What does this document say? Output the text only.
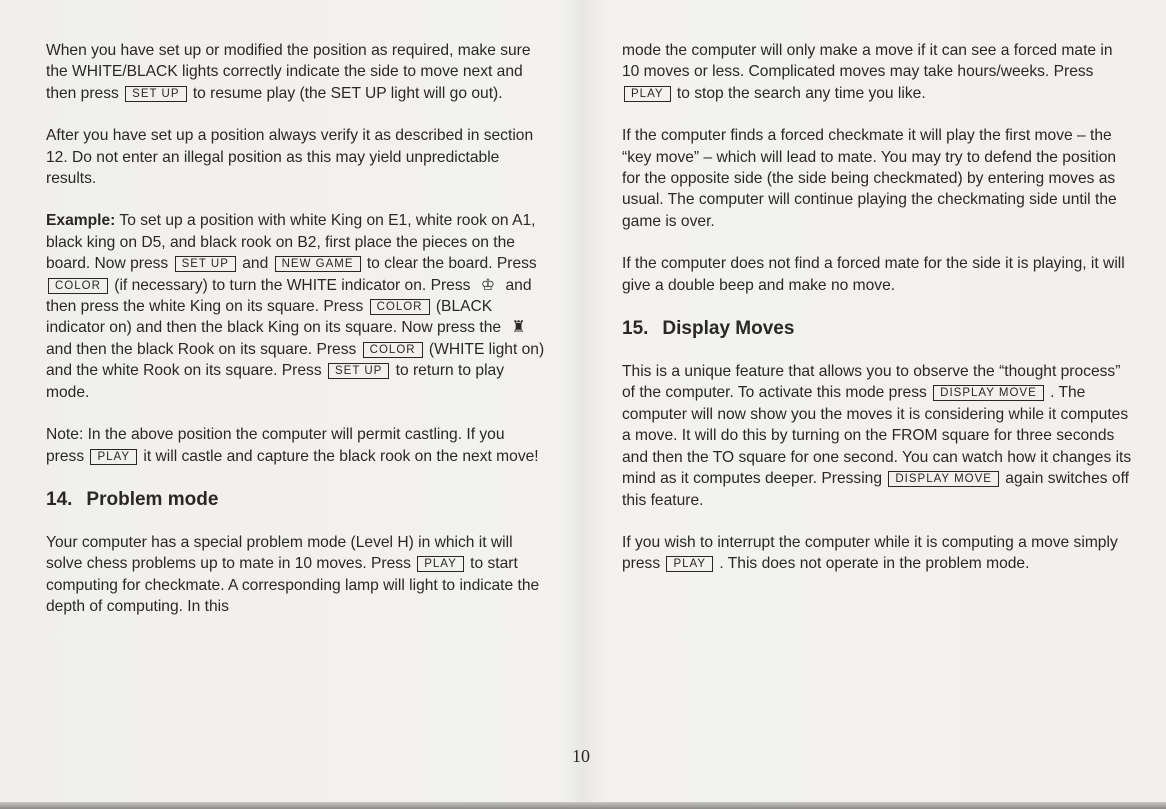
When you have set up or modified the position as required, make sure the WHITE/BLACK lights correctly indicate the side to move next and then press SET UP to resume play (the SET UP light will go out).

After you have set up a position always verify it as described in section 12. Do not enter an illegal position as this may yield unpredictable results.

Example: To set up a position with white King on E1, white rook on A1, black king on D5, and black rook on B2, first place the pieces on the board. Now press SET UP and NEW GAME to clear the board. Press COLOR (if necessary) to turn the WHITE indicator on. Press ♔ and then press the white King on its square. Press COLOR (BLACK indicator on) and then the black King on its square. Now press the ♜ and then the black Rook on its square. Press COLOR (WHITE light on) and the white Rook on its square. Press SET UP to return to play mode.

Note: In the above position the computer will permit castling. If you press PLAY it will castle and capture the black rook on the next move!

14. Problem mode

Your computer has a special problem mode (Level H) in which it will solve chess problems up to mate in 10 moves. Press PLAY to start computing for checkmate. A corresponding lamp will light to indicate the depth of computing. In this

mode the computer will only make a move if it can see a forced mate in 10 moves or less. Complicated moves may take hours/weeks. Press PLAY to stop the search any time you like.

If the computer finds a forced checkmate it will play the first move – the “key move” – which will lead to mate. You may try to defend the position for the opposite side (the side being checkmated) by entering moves as usual. The computer will continue playing the checkmating side until the game is over.

If the computer does not find a forced mate for the side it is playing, it will give a double beep and make no move.

15. Display Moves

This is a unique feature that allows you to observe the “thought process” of the computer. To activate this mode press DISPLAY MOVE . The computer will now show you the moves it is considering while it computes a move. It will do this by turning on the FROM square for three seconds and then the TO square for one second. You can watch how it changes its mind as it computes deeper. Pressing DISPLAY MOVE again switches off this feature.

If you wish to interrupt the computer while it is computing a move simply press PLAY . This does not operate in the problem mode.

10
